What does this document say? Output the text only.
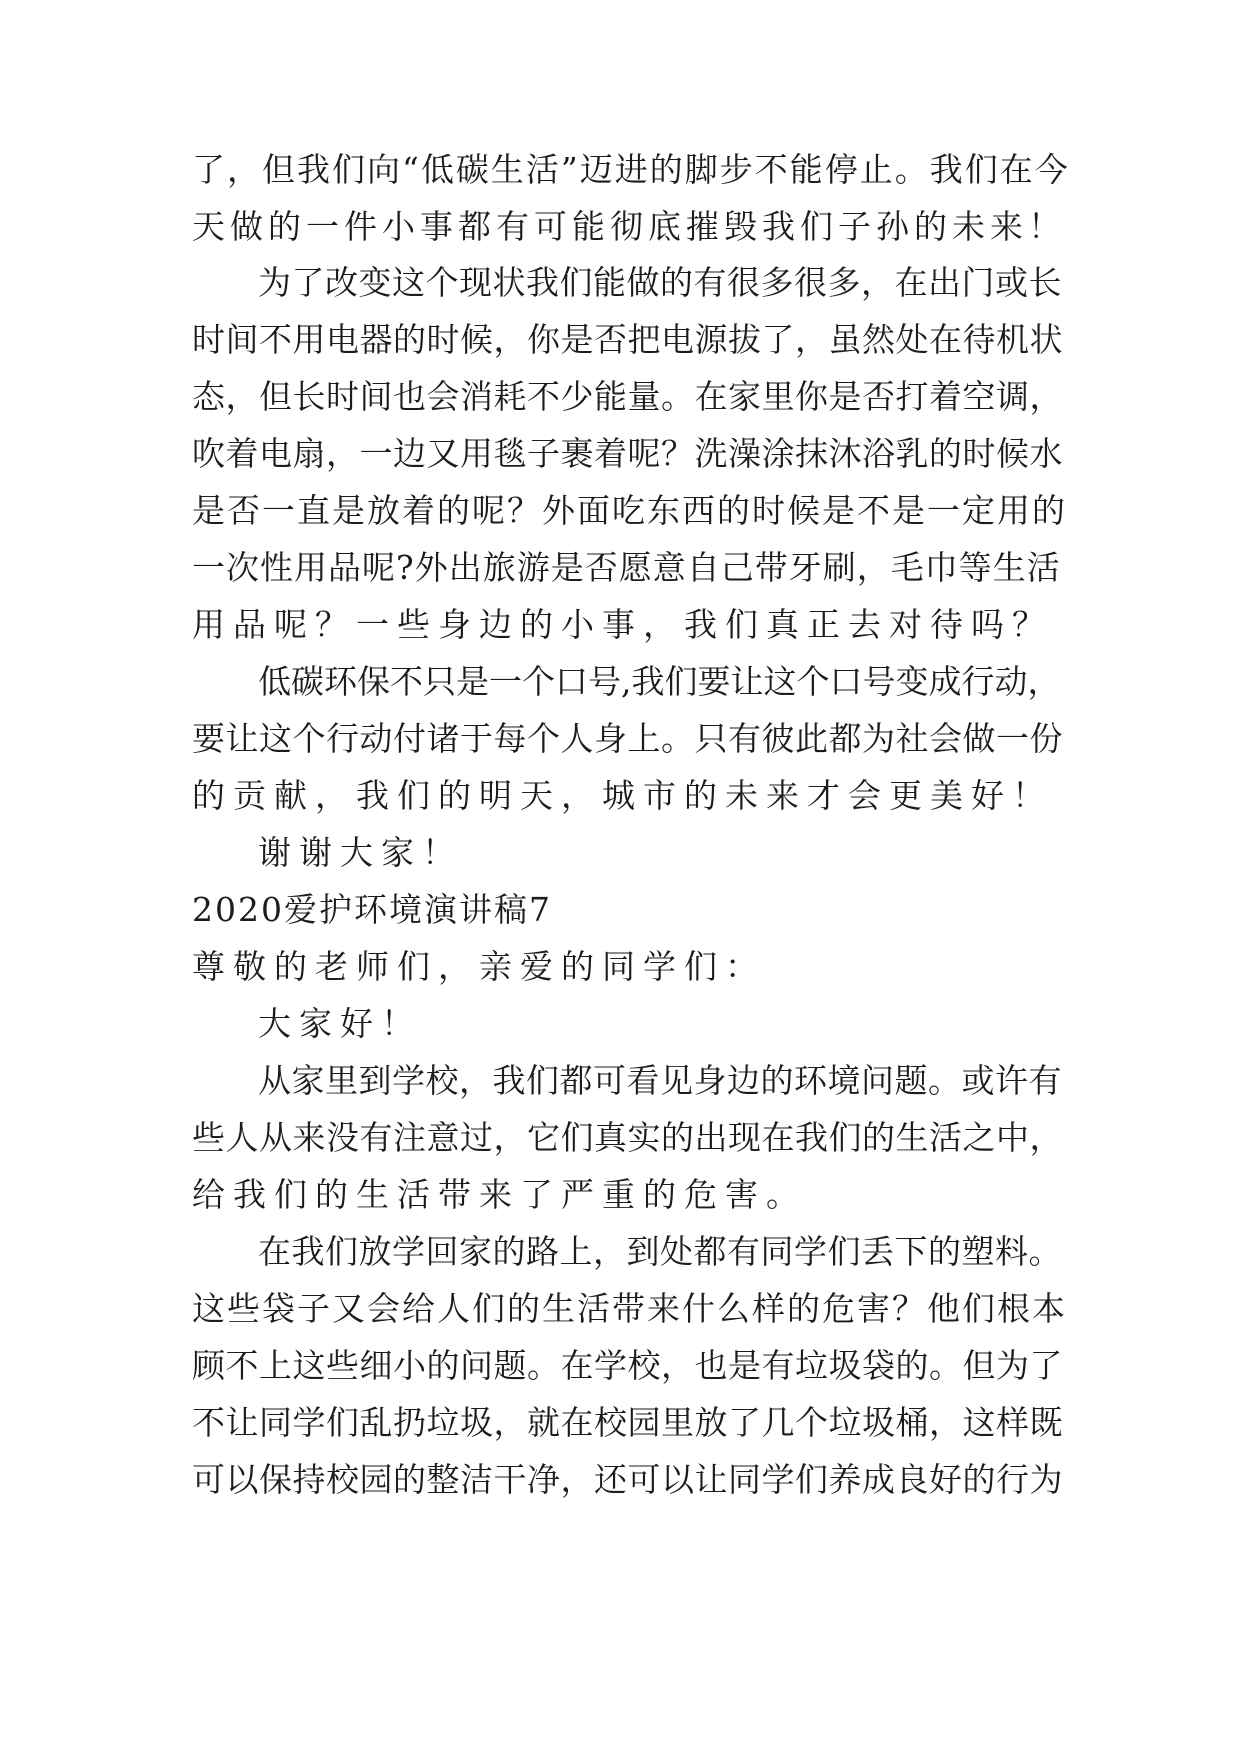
了，但我们向“低碳生活”迈进的脚步不能停止。我们在今
天做的一件小事都有可能彻底摧毁我们子孙的未来！
为了改变这个现状我们能做的有很多很多，在出门或长
时间不用电器的时候，你是否把电源拔了，虽然处在待机状
态，但长时间也会消耗不少能量。在家里你是否打着空调，
吹着电扇，一边又用毯子裹着呢？洗澡涂抹沐浴乳的时候水
是否一直是放着的呢？外面吃东西的时候是不是一定用的
一次性用品呢?外出旅游是否愿意自己带牙刷，毛巾等生活
用品呢？一些身边的小事，我们真正去对待吗？
低碳环保不只是一个口号,我们要让这个口号变成行动，
要让这个行动付诸于每个人身上。只有彼此都为社会做一份
的贡献，我们的明天，城市的未来才会更美好！
谢谢大家！
2020爱护环境演讲稿7
尊敬的老师们，亲爱的同学们：
大家好！
从家里到学校，我们都可看见身边的环境问题。或许有
些人从来没有注意过，它们真实的出现在我们的生活之中，
给我们的生活带来了严重的危害。
在我们放学回家的路上，到处都有同学们丢下的塑料。
这些袋子又会给人们的生活带来什么样的危害？他们根本
顾不上这些细小的问题。在学校，也是有垃圾袋的。但为了
不让同学们乱扔垃圾，就在校园里放了几个垃圾桶，这样既
可以保持校园的整洁干净，还可以让同学们养成良好的行为
